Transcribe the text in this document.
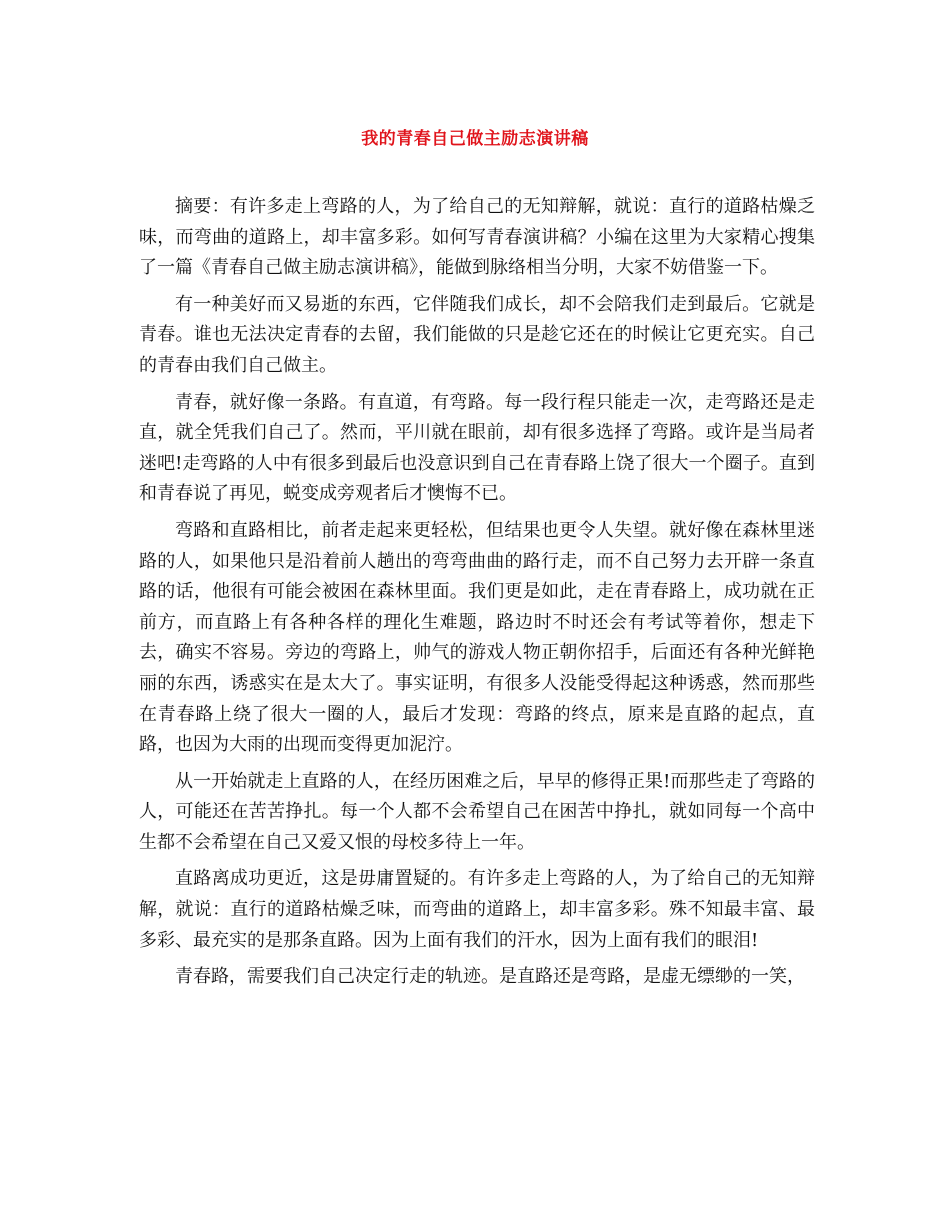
我的青春自己做主励志演讲稿

摘要：有许多走上弯路的人，为了给自己的无知辩解，就说：直行的道路枯燥乏味，而弯曲的道路上，却丰富多彩。如何写青春演讲稿？小编在这里为大家精心搜集了一篇《青春自己做主励志演讲稿》，能做到脉络相当分明，大家不妨借鉴一下。

有一种美好而又易逝的东西，它伴随我们成长，却不会陪我们走到最后。它就是青春。谁也无法决定青春的去留，我们能做的只是趁它还在的时候让它更充实。自己的青春由我们自己做主。

青春，就好像一条路。有直道，有弯路。每一段行程只能走一次，走弯路还是走直，就全凭我们自己了。然而，平川就在眼前，却有很多选择了弯路。或许是当局者迷吧!走弯路的人中有很多到最后也没意识到自己在青春路上饶了很大一个圈子。直到和青春说了再见，蜕变成旁观者后才懊悔不已。

弯路和直路相比，前者走起来更轻松，但结果也更令人失望。就好像在森林里迷路的人，如果他只是沿着前人趟出的弯弯曲曲的路行走，而不自己努力去开辟一条直路的话，他很有可能会被困在森林里面。我们更是如此，走在青春路上，成功就在正前方，而直路上有各种各样的理化生难题，路边时不时还会有考试等着你，想走下去，确实不容易。旁边的弯路上，帅气的游戏人物正朝你招手，后面还有各种光鲜艳丽的东西，诱惑实在是太大了。事实证明，有很多人没能受得起这种诱惑，然而那些在青春路上绕了很大一圈的人，最后才发现：弯路的终点，原来是直路的起点，直路，也因为大雨的出现而变得更加泥泞。

从一开始就走上直路的人，在经历困难之后，早早的修得正果!而那些走了弯路的人，可能还在苦苦挣扎。每一个人都不会希望自己在困苦中挣扎，就如同每一个高中生都不会希望在自己又爱又恨的母校多待上一年。

直路离成功更近，这是毋庸置疑的。有许多走上弯路的人，为了给自己的无知辩解，就说：直行的道路枯燥乏味，而弯曲的道路上，却丰富多彩。殊不知最丰富、最多彩、最充实的是那条直路。因为上面有我们的汗水，因为上面有我们的眼泪!

青春路，需要我们自己决定行走的轨迹。是直路还是弯路，是虚无缥缈的一笑，
